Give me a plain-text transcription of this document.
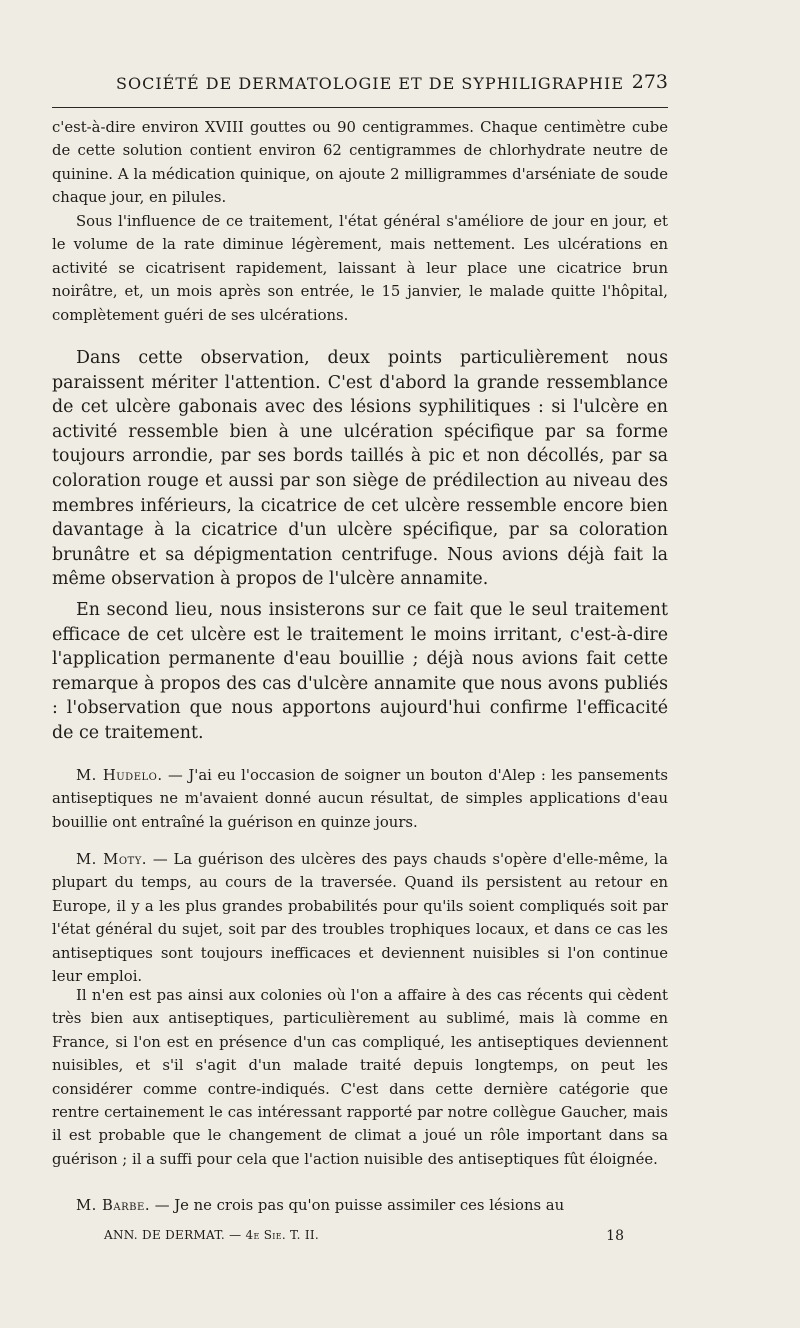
SOCIÉTÉ DE DERMATOLOGIE ET DE SYPHILIGRAPHIE 273

c'est-à-dire environ XVIII gouttes ou 90 centigrammes. Chaque centimètre cube de cette solution contient environ 62 centigrammes de chlorhydrate neutre de quinine. A la médication quinique, on ajoute 2 milligrammes d'arséniate de soude chaque jour, en pilules.

Sous l'influence de ce traitement, l'état général s'améliore de jour en jour, et le volume de la rate diminue légèrement, mais nettement. Les ulcérations en activité se cicatrisent rapidement, laissant à leur place une cicatrice brun noirâtre, et, un mois après son entrée, le 15 janvier, le malade quitte l'hôpital, complètement guéri de ses ulcérations.

Dans cette observation, deux points particulièrement nous paraissent mériter l'attention. C'est d'abord la grande ressemblance de cet ulcère gabonais avec des lésions syphilitiques : si l'ulcère en activité ressemble bien à une ulcération spécifique par sa forme toujours arrondie, par ses bords taillés à pic et non décollés, par sa coloration rouge et aussi par son siège de prédilection au niveau des membres inférieurs, la cicatrice de cet ulcère ressemble encore bien davantage à la cicatrice d'un ulcère spécifique, par sa coloration brunâtre et sa dépigmentation centrifuge. Nous avions déjà fait la même observation à propos de l'ulcère annamite.

En second lieu, nous insisterons sur ce fait que le seul traitement efficace de cet ulcère est le traitement le moins irritant, c'est-à-dire l'application permanente d'eau bouillie ; déjà nous avions fait cette remarque à propos des cas d'ulcère annamite que nous avons publiés : l'observation que nous apportons aujourd'hui confirme l'efficacité de ce traitement.

M. Hudelo. — J'ai eu l'occasion de soigner un bouton d'Alep : les pansements antiseptiques ne m'avaient donné aucun résultat, de simples applications d'eau bouillie ont entraîné la guérison en quinze jours.

M. Moty. — La guérison des ulcères des pays chauds s'opère d'elle-même, la plupart du temps, au cours de la traversée. Quand ils persistent au retour en Europe, il y a les plus grandes probabilités pour qu'ils soient compliqués soit par l'état général du sujet, soit par des troubles trophiques locaux, et dans ce cas les antiseptiques sont toujours inefficaces et deviennent nuisibles si l'on continue leur emploi.

Il n'en est pas ainsi aux colonies où l'on a affaire à des cas récents qui cèdent très bien aux antiseptiques, particulièrement au sublimé, mais là comme en France, si l'on est en présence d'un cas compliqué, les antiseptiques deviennent nuisibles, et s'il s'agit d'un malade traité depuis longtemps, on peut les considérer comme contre-indiqués. C'est dans cette dernière catégorie que rentre certainement le cas intéressant rapporté par notre collègue Gaucher, mais il est probable que le changement de climat a joué un rôle important dans sa guérison ; il a suffi pour cela que l'action nuisible des antiseptiques fût éloignée.

M. Barbe. — Je ne crois pas qu'on puisse assimiler ces lésions au

ANN. DE DERMAT. — 4e Sie. T. II.	18
